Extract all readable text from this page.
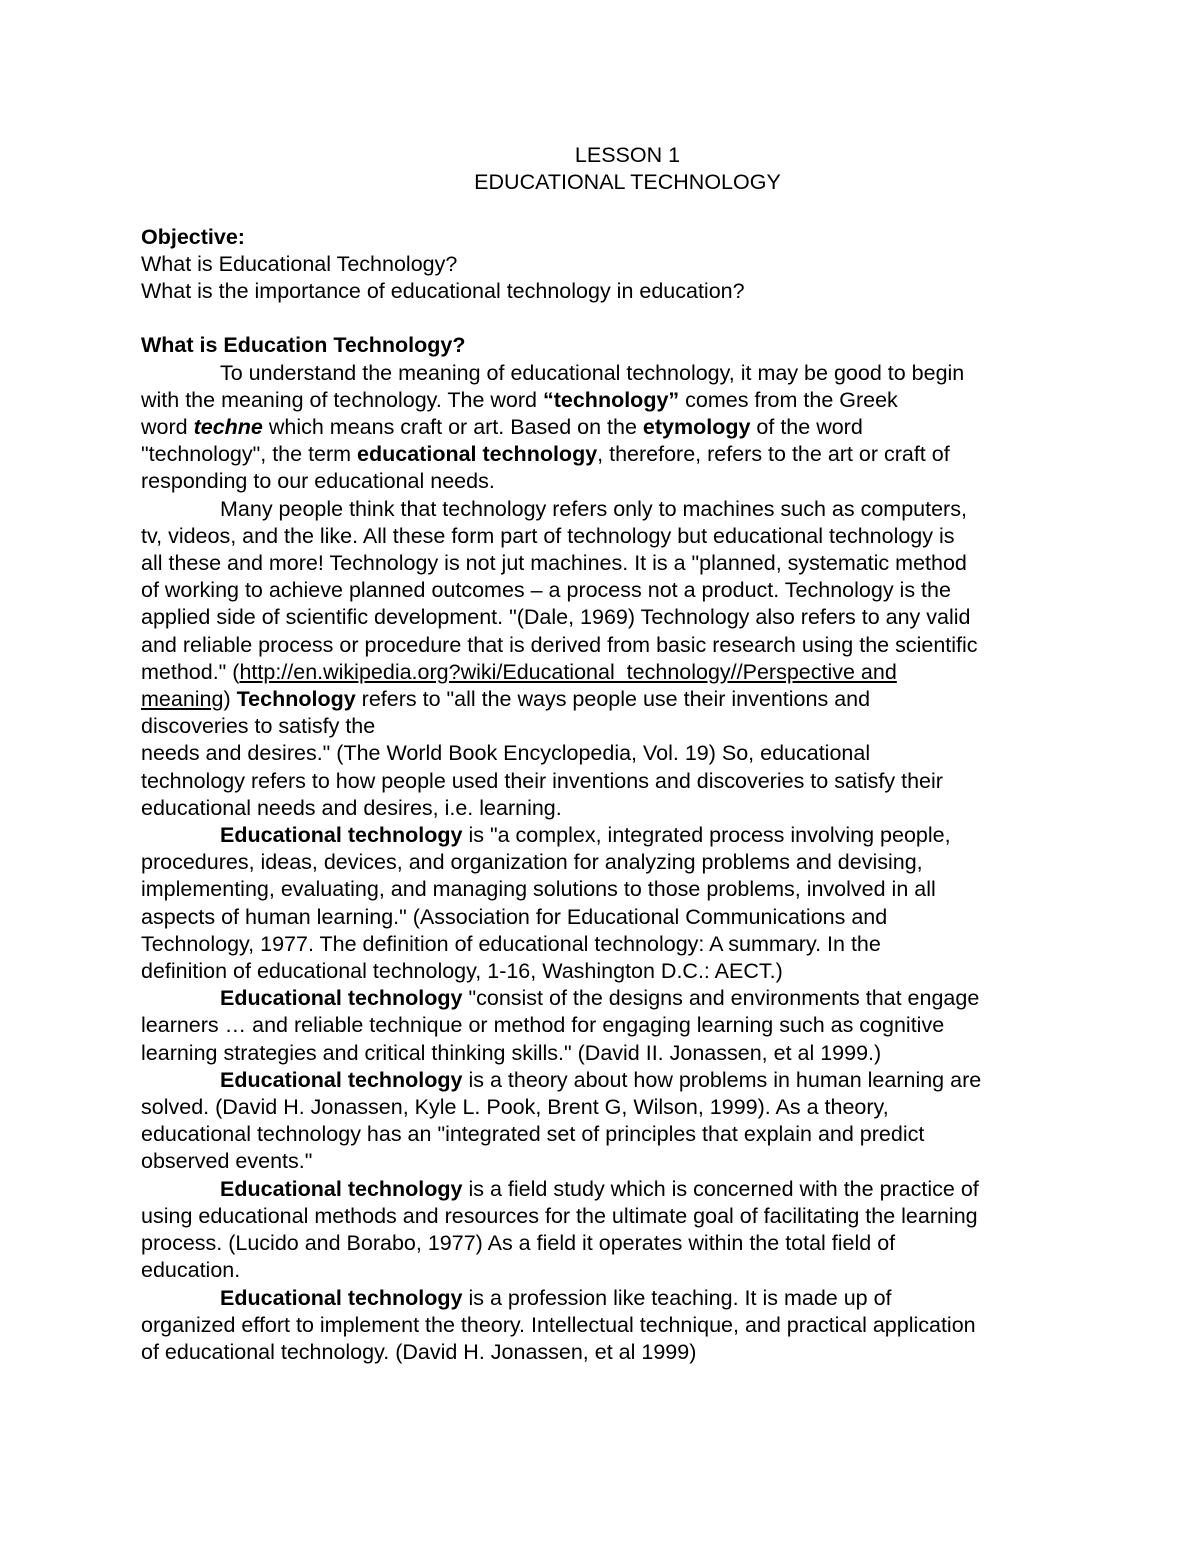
LESSON 1
EDUCATIONAL TECHNOLOGY
Objective:
What is Educational Technology?
What is the importance of educational technology in education?
What is Education Technology?
To understand the meaning of educational technology, it may be good to begin
with the meaning of technology. The word “technology” comes from the Greek
word techne which means craft or art. Based on the etymology of the word
"technology", the term educational technology, therefore, refers to the art or craft of
responding to our educational needs.
Many people think that technology refers only to machines such as computers,
tv, videos, and the like. All these form part of technology but educational technology is
all these and more! Technology is not jut machines. It is a "planned, systematic method
of working to achieve planned outcomes – a process not a product. Technology is the
applied side of scientific development. "(Dale, 1969) Technology also refers to any valid
and reliable process or procedure that is derived from basic research using the scientific
method." (http://en.wikipedia.org?wiki/Educational_technology//Perspective and
meaning) Technology refers to "all the ways people use their inventions and
discoveries to satisfy the
needs and desires." (The World Book Encyclopedia, Vol. 19) So, educational
technology refers to how people used their inventions and discoveries to satisfy their
educational needs and desires, i.e. learning.
Educational technology is "a complex, integrated process involving people,
procedures, ideas, devices, and organization for analyzing problems and devising,
implementing, evaluating, and managing solutions to those problems, involved in all
aspects of human learning." (Association for Educational Communications and
Technology, 1977. The definition of educational technology: A summary. In the
definition of educational technology, 1-16, Washington D.C.: AECT.)
Educational technology "consist of the designs and environments that engage
learners … and reliable technique or method for engaging learning such as cognitive
learning strategies and critical thinking skills." (David II. Jonassen, et al 1999.)
Educational technology is a theory about how problems in human learning are
solved. (David H. Jonassen, Kyle L. Pook, Brent G, Wilson, 1999). As a theory,
educational technology has an "integrated set of principles that explain and predict
observed events."
Educational technology is a field study which is concerned with the practice of
using educational methods and resources for the ultimate goal of facilitating the learning
process. (Lucido and Borabo, 1977) As a field it operates within the total field of
education.
Educational technology is a profession like teaching. It is made up of
organized effort to implement the theory. Intellectual technique, and practical application
of educational technology. (David H. Jonassen, et al 1999)
